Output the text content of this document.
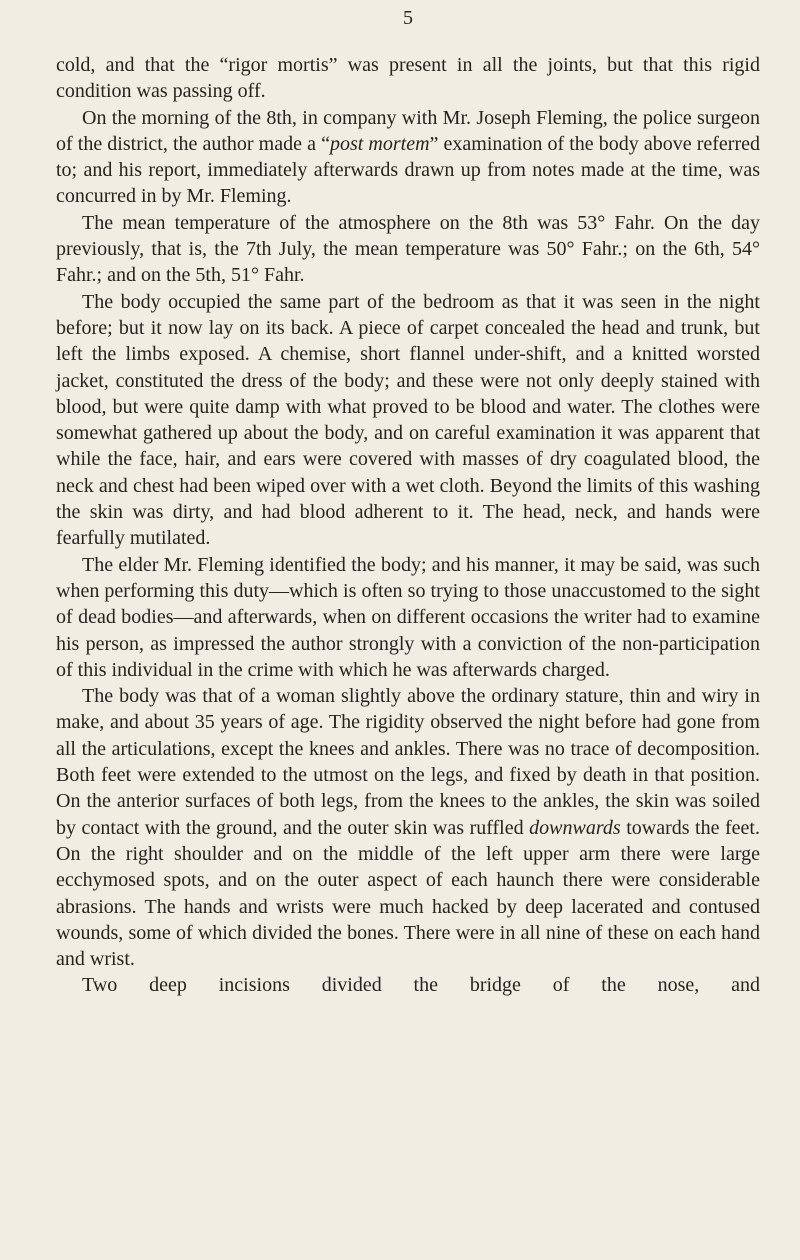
5

cold, and that the “rigor mortis” was present in all the joints, but that this rigid condition was passing off.

On the morning of the 8th, in company with Mr. Joseph Fleming, the police surgeon of the district, the author made a “post mortem” examination of the body above referred to; and his report, immediately afterwards drawn up from notes made at the time, was concurred in by Mr. Fleming.

The mean temperature of the atmosphere on the 8th was 53° Fahr. On the day previously, that is, the 7th July, the mean temperature was 50° Fahr.; on the 6th, 54° Fahr.; and on the 5th, 51° Fahr.

The body occupied the same part of the bedroom as that it was seen in the night before; but it now lay on its back. A piece of carpet concealed the head and trunk, but left the limbs exposed. A chemise, short flannel under-shift, and a knitted worsted jacket, constituted the dress of the body; and these were not only deeply stained with blood, but were quite damp with what proved to be blood and water. The clothes were somewhat gathered up about the body, and on careful examination it was apparent that while the face, hair, and ears were covered with masses of dry coagulated blood, the neck and chest had been wiped over with a wet cloth. Beyond the limits of this washing the skin was dirty, and had blood adherent to it. The head, neck, and hands were fearfully mutilated.

The elder Mr. Fleming identified the body; and his manner, it may be said, was such when performing this duty—which is often so trying to those unaccustomed to the sight of dead bodies—and afterwards, when on different occasions the writer had to examine his person, as impressed the author strongly with a conviction of the non-participation of this individual in the crime with which he was afterwards charged.

The body was that of a woman slightly above the ordinary stature, thin and wiry in make, and about 35 years of age. The rigidity observed the night before had gone from all the articulations, except the knees and ankles. There was no trace of decomposition. Both feet were extended to the utmost on the legs, and fixed by death in that position. On the anterior surfaces of both legs, from the knees to the ankles, the skin was soiled by contact with the ground, and the outer skin was ruffled downwards towards the feet. On the right shoulder and on the middle of the left upper arm there were large ecchymosed spots, and on the outer aspect of each haunch there were considerable abrasions. The hands and wrists were much hacked by deep lacerated and contused wounds, some of which divided the bones. There were in all nine of these on each hand and wrist.

Two deep incisions divided the bridge of the nose, and
